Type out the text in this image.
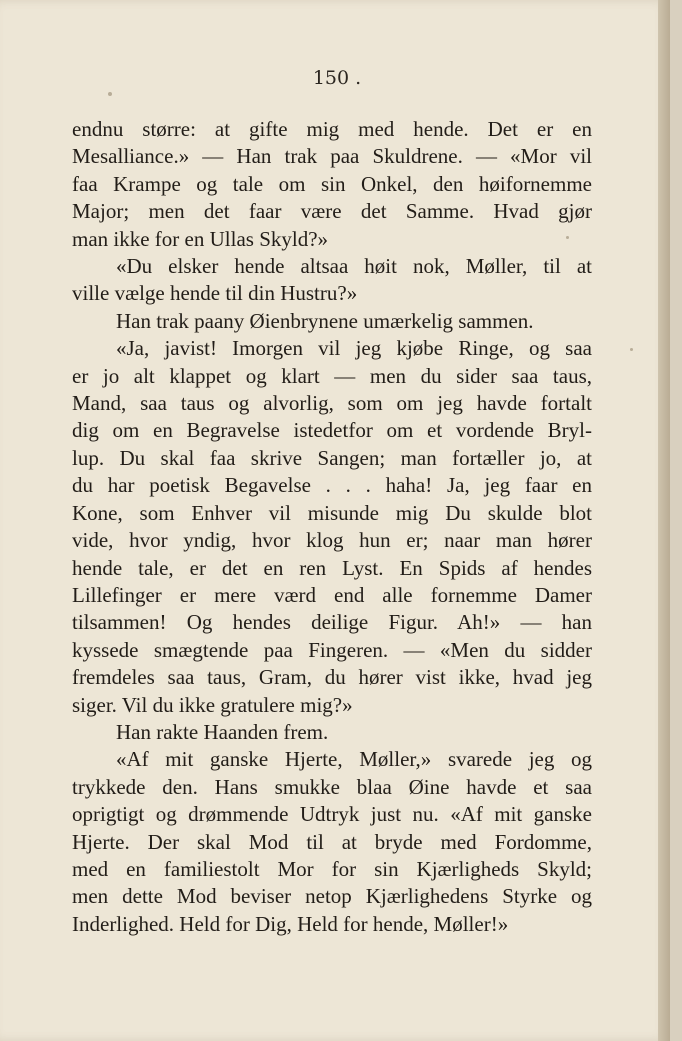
150 .
endnu større: at gifte mig med hende. Det er en
Mesalliance.» — Han trak paa Skuldrene. — «Mor vil
faa Krampe og tale om sin Onkel, den høifornemme
Major; men det faar være det Samme. Hvad gjør
man ikke for en Ullas Skyld?»
«Du elsker hende altsaa høit nok, Møller, til at
ville vælge hende til din Hustru?»
Han trak paany Øienbrynene umærkelig sammen.
«Ja, javist! Imorgen vil jeg kjøbe Ringe, og saa
er jo alt klappet og klart — men du sider saa taus,
Mand, saa taus og alvorlig, som om jeg havde fortalt
dig om en Begravelse istedetfor om et vordende Bryl-
lup. Du skal faa skrive Sangen; man fortæller jo, at
du har poetisk Begavelse . . . haha! Ja, jeg faar en
Kone, som Enhver vil misunde mig Du skulde blot
vide, hvor yndig, hvor klog hun er; naar man hører
hende tale, er det en ren Lyst. En Spids af hendes
Lillefinger er mere værd end alle fornemme Damer
tilsammen! Og hendes deilige Figur. Ah!» — han
kyssede smægtende paa Fingeren. — «Men du sidder
fremdeles saa taus, Gram, du hører vist ikke, hvad jeg
siger. Vil du ikke gratulere mig?»
Han rakte Haanden frem.
«Af mit ganske Hjerte, Møller,» svarede jeg og
trykkede den. Hans smukke blaa Øine havde et saa
oprigtigt og drømmende Udtryk just nu. «Af mit ganske
Hjerte. Der skal Mod til at bryde med Fordomme,
med en familiestolt Mor for sin Kjærligheds Skyld;
men dette Mod beviser netop Kjærlighedens Styrke og
Inderlighed. Held for Dig, Held for hende, Møller!»
